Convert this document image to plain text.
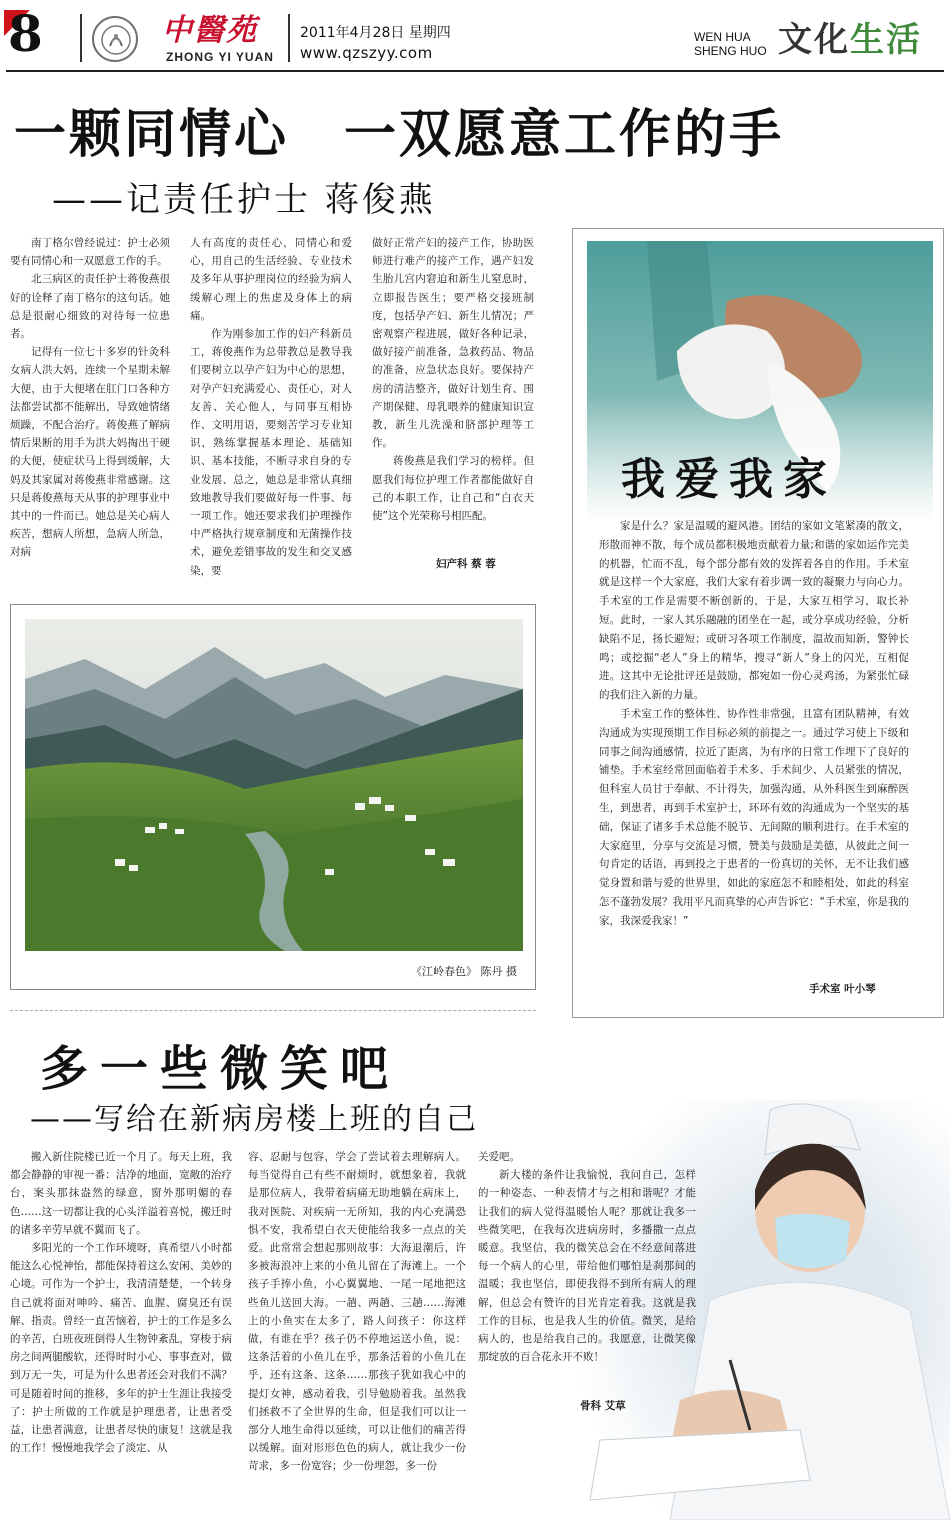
8	中醫苑
ZHONG YI YUAN
2011年4月28日 星期四
www.qzszyy.com
WEN HUA
SHENG HUO 文化生活
一颗同情心　一双愿意工作的手
——记责任护士 蒋俊燕

南丁格尔曾经说过：护士必须要有同情心和一双愿意工作的手。

北三病区的责任护士蒋俊燕很好的诠释了南丁格尔的这句话。她总是很耐心细致的对待每一位患者。

记得有一位七十多岁的针灸科女病人洪大妈，连续一个星期未解大便，由于大便堵在肛门口各种方法都尝试都不能解出，导致她情绪烦躁，不配合治疗。蒋俊燕了解病情后果断的用手为洪大妈掏出干硬的大便，使症状马上得到缓解，大妈及其家属对蒋俊燕非常感谢。这只是蒋俊燕每天从事的护理事业中其中的一件而已。她总是关心病人疾苦，想病人所想，急病人所急，对病

人有高度的责任心，同情心和爱心，用自己的生活经验、专业技术及多年从事护理岗位的经验为病人缓解心理上的焦虑及身体上的病痛。

作为刚参加工作的妇产科新员工，蒋俊燕作为总带教总是教导我们要树立以孕产妇为中心的思想，对孕产妇充满爱心、责任心，对人友善、关心他人，与同事互相协作、文明用语，要刻苦学习专业知识，熟练掌握基本理论、基础知识、基本技能，不断寻求自身的专业发展、总之，她总是非常认真细致地教导我们要做好每一件事、每一项工作。她还要求我们护理操作中严格执行规章制度和无菌操作技术，避免差错事故的发生和交叉感染，要

做好正常产妇的接产工作，协助医师进行难产的接产工作，遇产妇发生胎儿宫内窘迫和新生儿窒息时，立即报告医生；要严格交接班制度，包括孕产妇、新生儿情况；严密观察产程进展，做好各种记录，做好接产前准备，急救药品、物品的准备，应急状态良好。要保持产房的清洁整齐，做好计划生育、围产期保健、母乳喂养的健康知识宣教，新生儿洗澡和脐部护理等工作。

蒋俊燕是我们学习的榜样。但愿我们每位护理工作者都能做好自己的本职工作，让自己和“白衣天使”这个光荣称号相匹配。

妇产科 蔡 蓉
《江岭春色》 陈丹 摄
我爱我家

家是什么？家是温暖的避风港。团结的家如文笔紧凑的散文，形散而神不散，每个成员都积极地贡献着力量;和谐的家如运作完美的机器，忙而不乱，每个部分都有效的发挥着各自的作用。手术室就是这样一个大家庭，我们大家有着步调一致的凝聚力与向心力。手术室的工作是需要不断创新的，于是，大家互相学习，取长补短。此时，一家人其乐融融的团坐在一起，或分享成功经验，分析缺陷不足，扬长避短；或研习各项工作制度，温故而知新，警钟长鸣；或挖掘“老人”身上的精华，搜寻“新人”身上的闪光，互相促进。这其中无论批评还是鼓励，都宛如一份心灵鸡汤，为紧张忙碌的我们注入新的力量。

手术室工作的整体性、协作性非常强，且富有团队精神，有效沟通成为实现预期工作目标必须的前提之一。通过学习使上下级和同事之间沟通感情，拉近了距离，为有序的日常工作埋下了良好的铺垫。手术室经常回面临着手术多、手术间少、人员紧张的情况，但科室人员甘于奉献、不计得失，加强沟通，从外科医生到麻醉医生，到患者，再到手术室护士，环环有效的沟通成为一个坚实的基础，保证了诸多手术总能不脱节、无间隙的顺利进行。在手术室的大家庭里，分享与交流是习惯，赞美与鼓励是美德，从彼此之间一句肯定的话语，再到投之于患者的一份真切的关怀，无不让我们感觉身置和谐与爱的世界里，如此的家庭怎不和睦相处，如此的科室怎不蓬勃发展？我用平凡而真挚的心声告诉它：“手术室，你是我的家，我深爱我家！”

手术室 叶小琴
多一些微笑吧
——写给在新病房楼上班的自己

搬入新住院楼已近一个月了。每天上班，我都会静静的审视一番：洁净的地面，宽敞的治疗台，案头那抹盎然的绿意，窗外那明媚的春色……这一切都让我的心头洋溢着喜悦，搬迁时的诸多辛劳早就不翼而飞了。

多阳光的一个工作环境呀，真希望八小时都能这么心悦神怡，都能保持着这么安闲、美妙的心境。可作为一个护士，我清清楚楚，一个转身自己就将面对呻吟、痛苦、血腥、腐臭还有误解、指责。曾经一直苦恼着，护士的工作是多么的辛苦，白班夜班倒得人生物钟紊乱，穿梭于病房之间两腿酸软，还得时时小心、事事查对，做到万无一失，可是为什么患者还会对我们不满？可是随着时间的推移，多年的护士生涯让我接受了：护士所做的工作就是护理患者，让患者受益，让患者满意，让患者尽快的康复！这就是我的工作！慢慢地我学会了淡定、从

容、忍耐与包容，学会了尝试着去理解病人。每当觉得自己有些不耐烦时，就想象着，我就是那位病人，我带着病痛无助地躺在病床上，我对医院、对疾病一无所知，我的内心充满恐惧不安，我希望白衣天使能给我多一点点的关爱。此常常会想起那则故事：大海退潮后，许多被海浪冲上来的小鱼儿留在了海滩上。一个孩子手捧小鱼，小心翼翼地、一尾一尾地把这些鱼儿送回大海。一趟、两趟、三趟……海滩上的小鱼实在太多了，路人问孩子：你这样做，有谁在乎？孩子仍不停地运送小鱼，说：这条活着的小鱼儿在乎，那条活着的小鱼儿在乎，还有这条、这条……那孩子犹如我心中的提灯女神，感动着我，引导勉励着我。虽然我们拯救不了全世界的生命，但是我们可以让一部分人地生命得以延续，可以让他们的痛苦得以缓解。面对形形色色的病人，就让我少一份苛求，多一份宽容；少一份埋怨，多一份

关爱吧。

新大楼的条件让我愉悦，我问自己，怎样的一种姿态、一种表情才与之相和谐呢？才能让我们的病人觉得温暖怡人呢？那就让我多一些微笑吧，在我每次进病房时，多播撒一点点暖意。我坚信，我的微笑总会在不经意间落进每一个病人的心里，带给他们哪怕是刹那间的温暖；我也坚信，即使我得不到所有病人的理解，但总会有赞许的目光肯定着我。这就是我工作的目标，也是我人生的价值。微笑，是给病人的，也是给我自己的。我愿意，让微笑像那绽放的百合花永开不败！

骨科 艾草
